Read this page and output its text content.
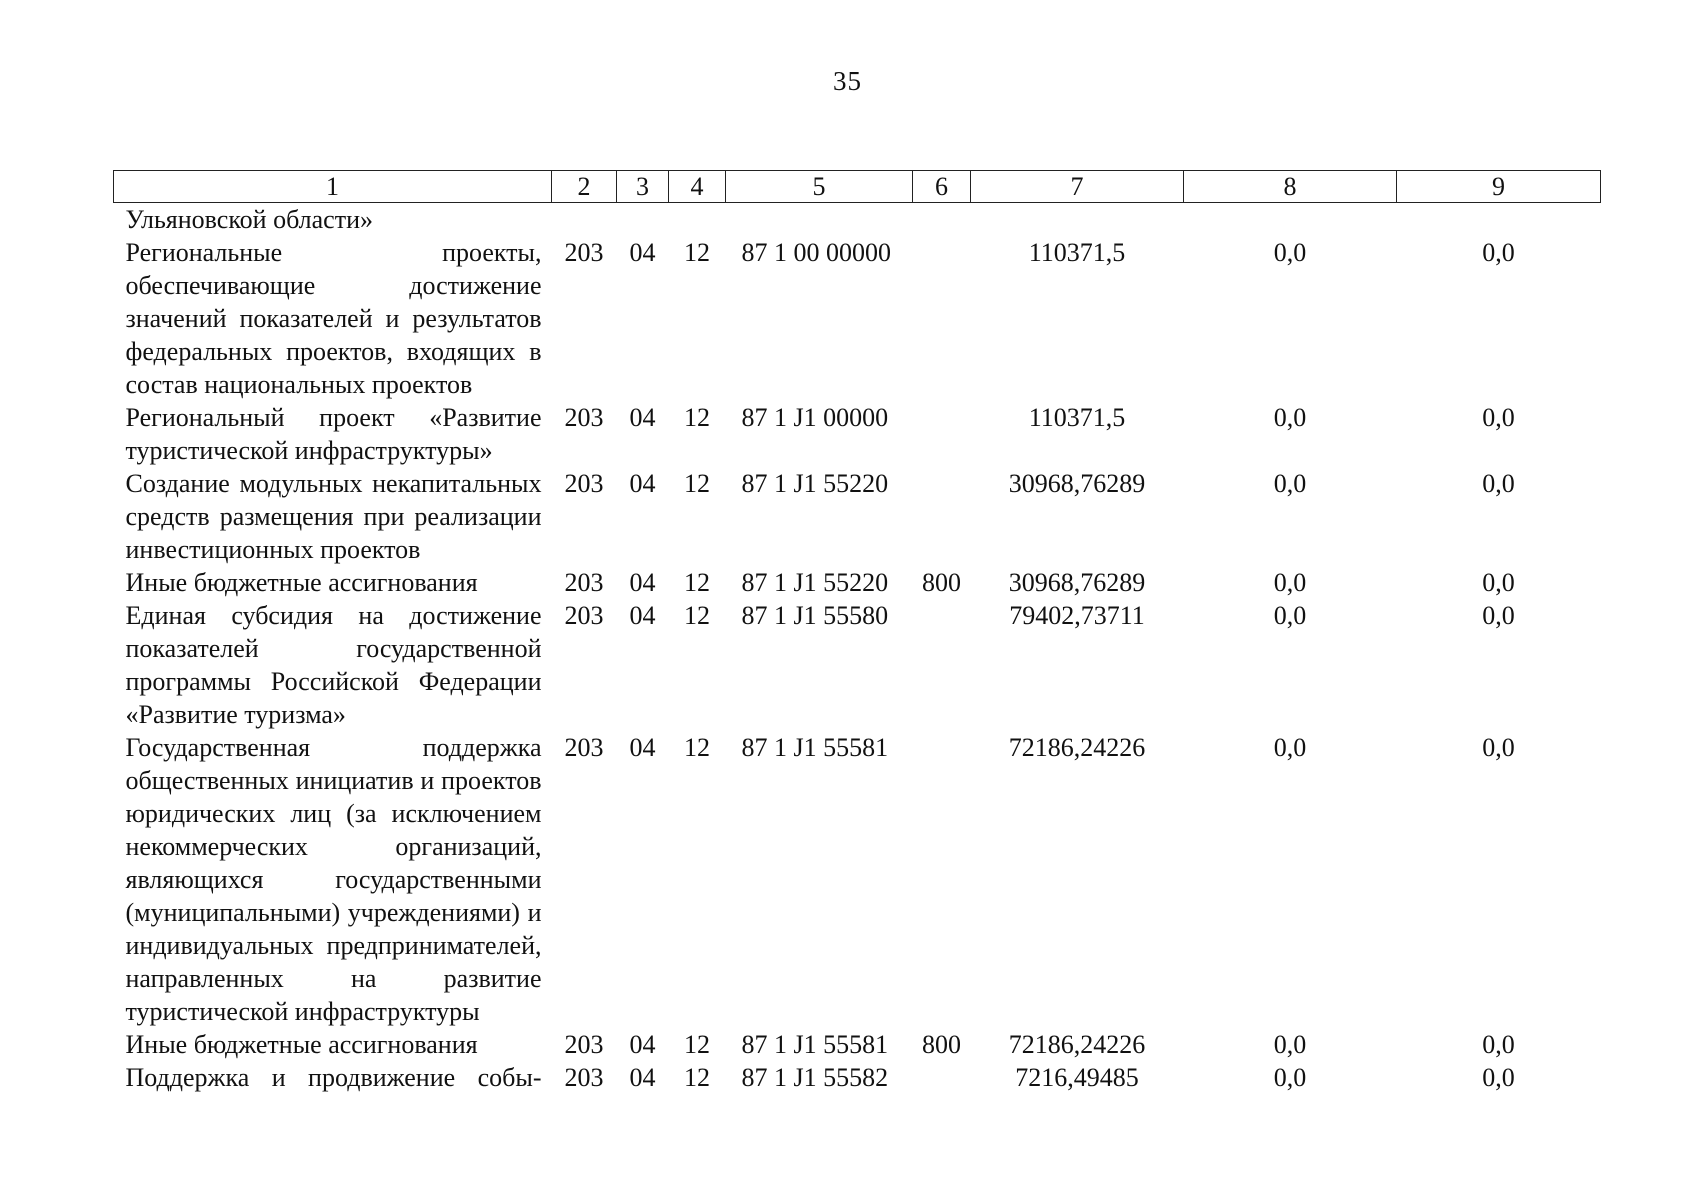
35
1	2	3	4	5	6	7	8	9
Ульяновской области»								
Региональные проекты, обеспечивающие достижение значений показателей и результатов федеральных проектов, входящих в состав национальных проектов	203	04	12	87 1 00 00000		110371,5	0,0	0,0
Региональный проект «Развитие туристической инфраструктуры»	203	04	12	87 1 J1 00000		110371,5	0,0	0,0
Создание модульных некапитальных средств размещения при реализации инвестиционных проектов	203	04	12	87 1 J1 55220		30968,76289	0,0	0,0
Иные бюджетные ассигнования	203	04	12	87 1 J1 55220	800	30968,76289	0,0	0,0
Единая субсидия на достижение показателей государственной программы Российской Федерации «Развитие туризма»	203	04	12	87 1 J1 55580		79402,73711	0,0	0,0
Государственная поддержка общественных инициатив и проектов юридических лиц (за исключением некоммерческих организаций, являющихся государственными (муниципальными) учреждениями) и индивидуальных предпринимателей, направленных на развитие туристической инфраструктуры	203	04	12	87 1 J1 55581		72186,24226	0,0	0,0
Иные бюджетные ассигнования	203	04	12	87 1 J1 55581	800	72186,24226	0,0	0,0
Поддержка и продвижение собы-	203	04	12	87 1 J1 55582		7216,49485	0,0	0,0
